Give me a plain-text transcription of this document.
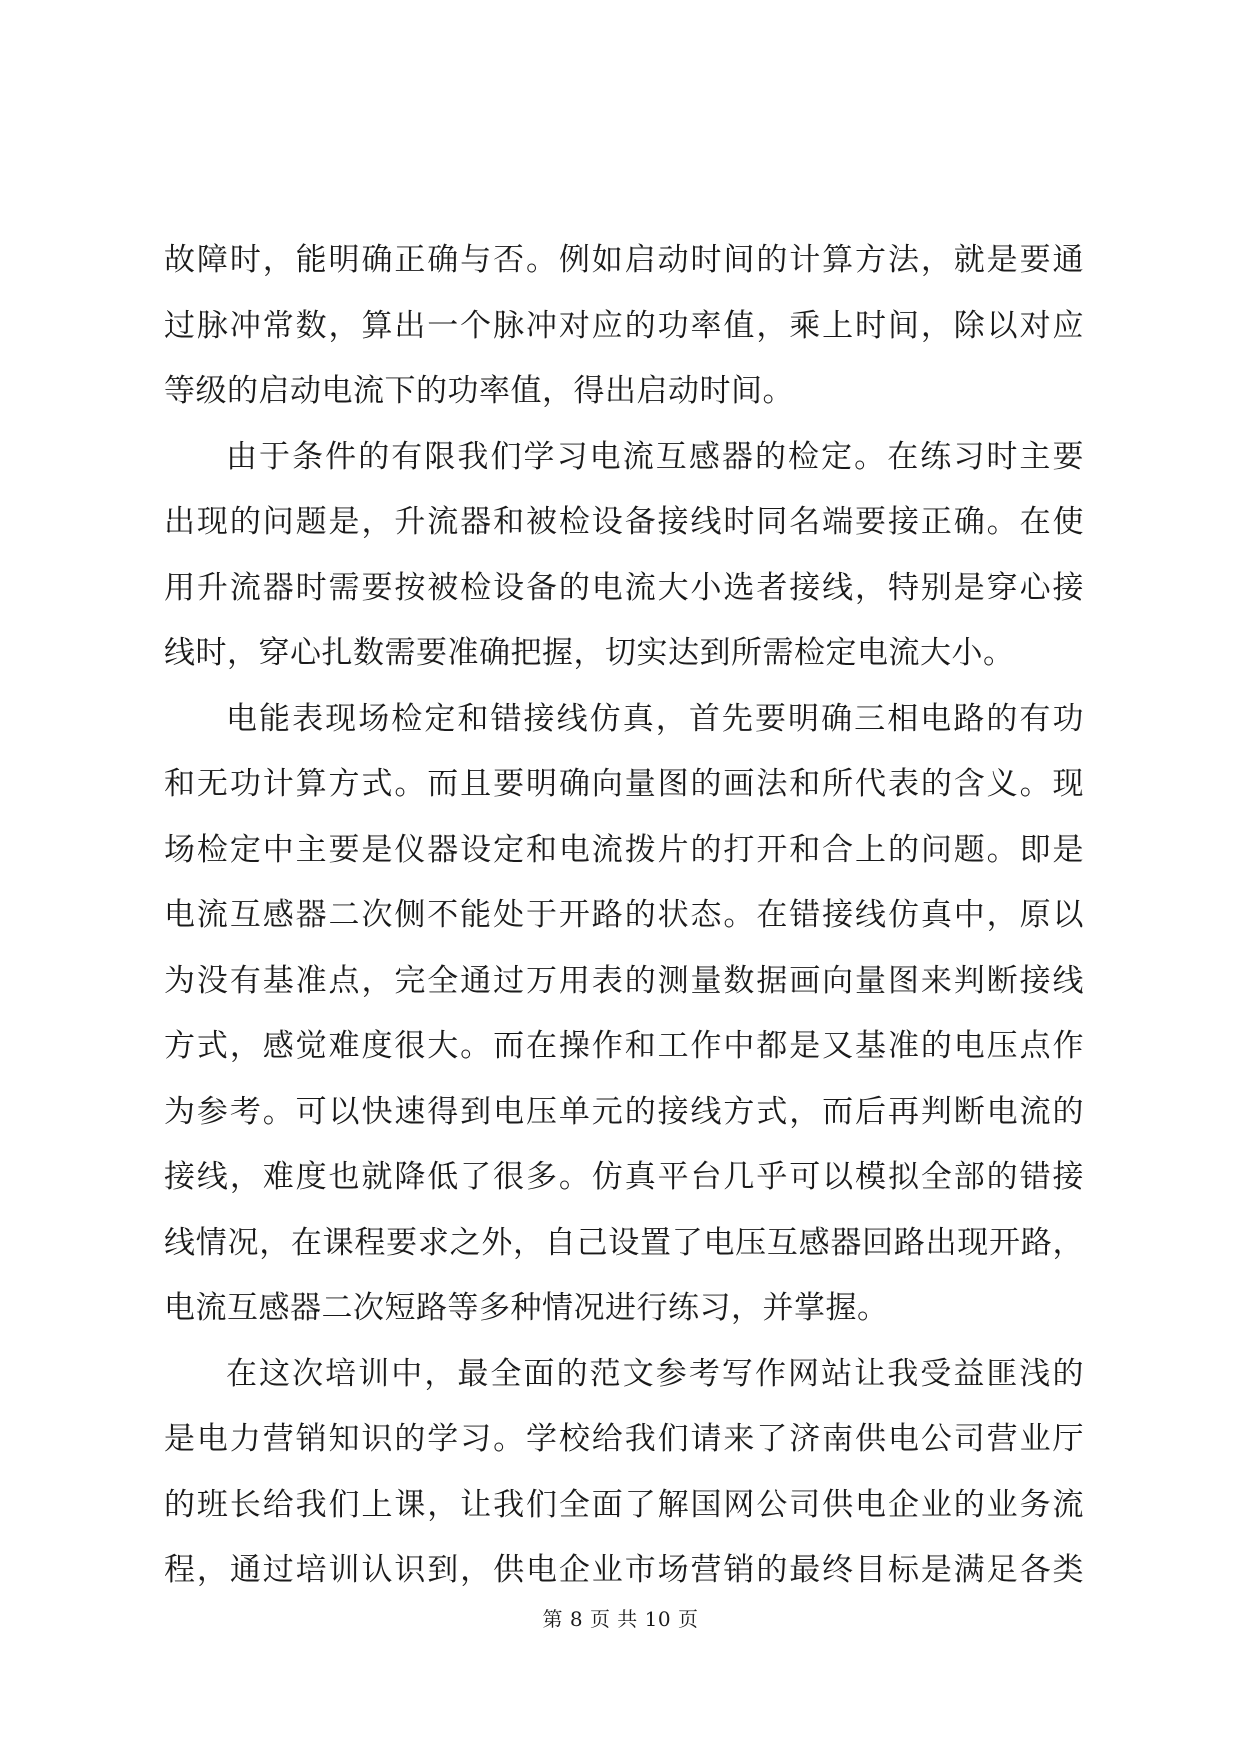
故障时，能明确正确与否。例如启动时间的计算方法，就是要通
过脉冲常数，算出一个脉冲对应的功率值，乘上时间，除以对应
等级的启动电流下的功率值，得出启动时间。
由于条件的有限我们学习电流互感器的检定。在练习时主要
出现的问题是，升流器和被检设备接线时同名端要接正确。在使
用升流器时需要按被检设备的电流大小选者接线，特别是穿心接
线时，穿心扎数需要准确把握，切实达到所需检定电流大小。
电能表现场检定和错接线仿真，首先要明确三相电路的有功
和无功计算方式。而且要明确向量图的画法和所代表的含义。现
场检定中主要是仪器设定和电流拨片的打开和合上的问题。即是
电流互感器二次侧不能处于开路的状态。在错接线仿真中，原以
为没有基准点，完全通过万用表的测量数据画向量图来判断接线
方式，感觉难度很大。而在操作和工作中都是又基准的电压点作
为参考。可以快速得到电压单元的接线方式，而后再判断电流的
接线，难度也就降低了很多。仿真平台几乎可以模拟全部的错接
线情况，在课程要求之外，自己设置了电压互感器回路出现开路，
电流互感器二次短路等多种情况进行练习，并掌握。
在这次培训中，最全面的范文参考写作网站让我受益匪浅的
是电力营销知识的学习。学校给我们请来了济南供电公司营业厅
的班长给我们上课，让我们全面了解国网公司供电企业的业务流
程，通过培训认识到，供电企业市场营销的最终目标是满足各类
第 8 页 共 10 页
